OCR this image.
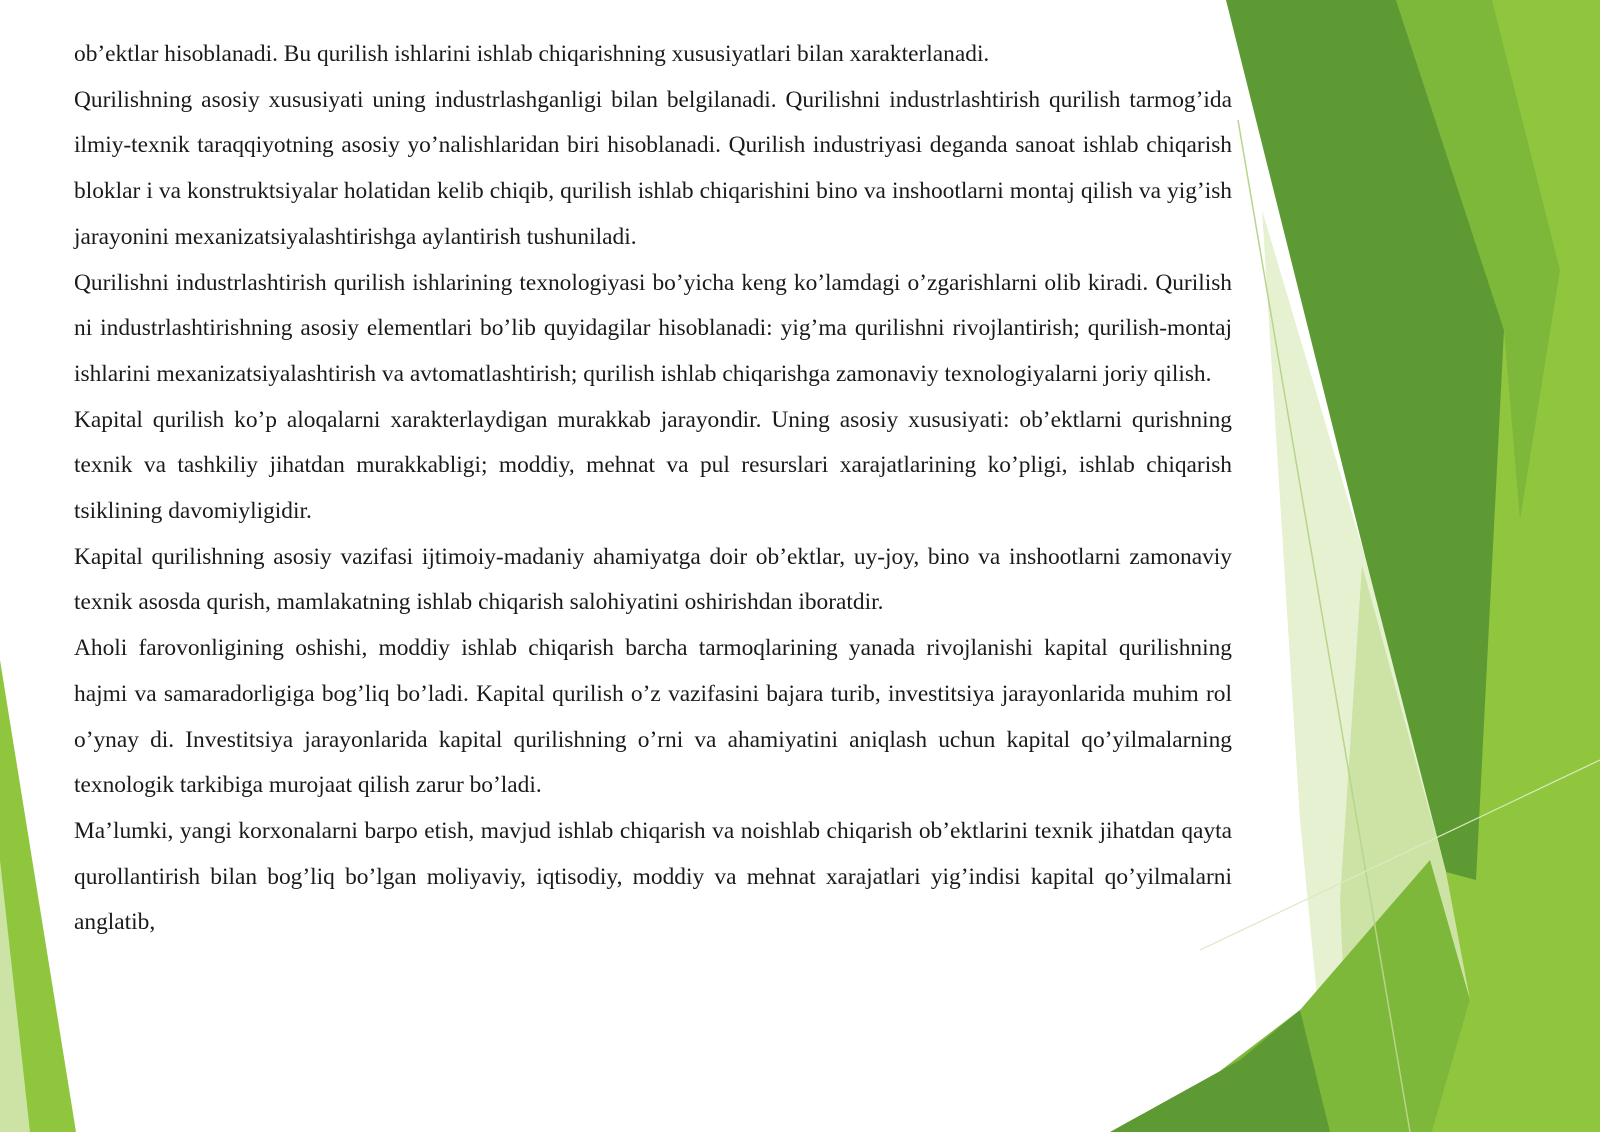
ob’ektlar hisoblanadi. Bu qurilish ishlarini ishlab chiqarishning xususiyatlari bilan xarakterlanadi.

Qurilishning asosiy xususiyati uning industrlashganligi bilan belgilanadi. Qurilishni industrlashtirish qurilish tarmog’ida ilmiy-texnik taraqqiyotning asosiy yo’nalishlaridan biri hisoblanadi. Qurilish industriyasi deganda sanoat ishlab chiqarish bloklar i va konstruktsiyalar holatidan kelib chiqib, qurilish ishlab chiqarishini bino va inshootlarni montaj qilish va yig’ish jarayonini mexanizatsiyalashtirishga aylantirish tushuniladi.

Qurilishni industrlashtirish qurilish ishlarining texnologiyasi bo’yicha keng ko’lamdagi o’zgarishlarni olib kiradi. Qurilish ni industrlashtirishning asosiy elementlari bo’lib quyidagilar hisoblanadi: yig’ma qurilishni rivojlantirish; qurilish-montaj ishlarini mexanizatsiyalashtirish va avtomatlashtirish; qurilish ishlab chiqarishga zamonaviy texnologiyalarni joriy qilish.

Kapital qurilish ko’p aloqalarni xarakterlaydigan murakkab jarayondir. Uning asosiy xususiyati: ob’ektlarni qurishning texnik va tashkiliy jihatdan murakkabligi; moddiy, mehnat va pul resurslari xarajatlarining ko’pligi, ishlab chiqarish tsiklining davomiyligidir.

Kapital qurilishning asosiy vazifasi ijtimoiy-madaniy ahamiyatga doir ob’ektlar, uy-joy, bino va inshootlarni zamonaviy texnik asosda qurish, mamlakatning ishlab chiqarish salohiyatini oshirishdan iboratdir.

Aholi farovonligining oshishi, moddiy ishlab chiqarish barcha tarmoqlarining yanada rivojlanishi kapital qurilishning hajmi va samaradorligiga bog’liq bo’ladi. Kapital qurilish o’z vazifasini bajara turib, investitsiya jarayonlarida muhim rol o’ynay di. Investitsiya jarayonlarida kapital qurilishning o’rni va ahamiyatini aniqlash uchun kapital qo’yilmalarning texnologik tarkibiga murojaat qilish zarur bo’ladi.

Ma’lumki, yangi korxonalarni barpo etish, mavjud ishlab chiqarish va noishlab chiqarish ob’ektlarini texnik jihatdan qayta qurollantirish bilan bog’liq bo’lgan moliyaviy, iqtisodiy, moddiy va mehnat xarajatlari yig’indisi kapital qo’yilmalarni anglatib,
